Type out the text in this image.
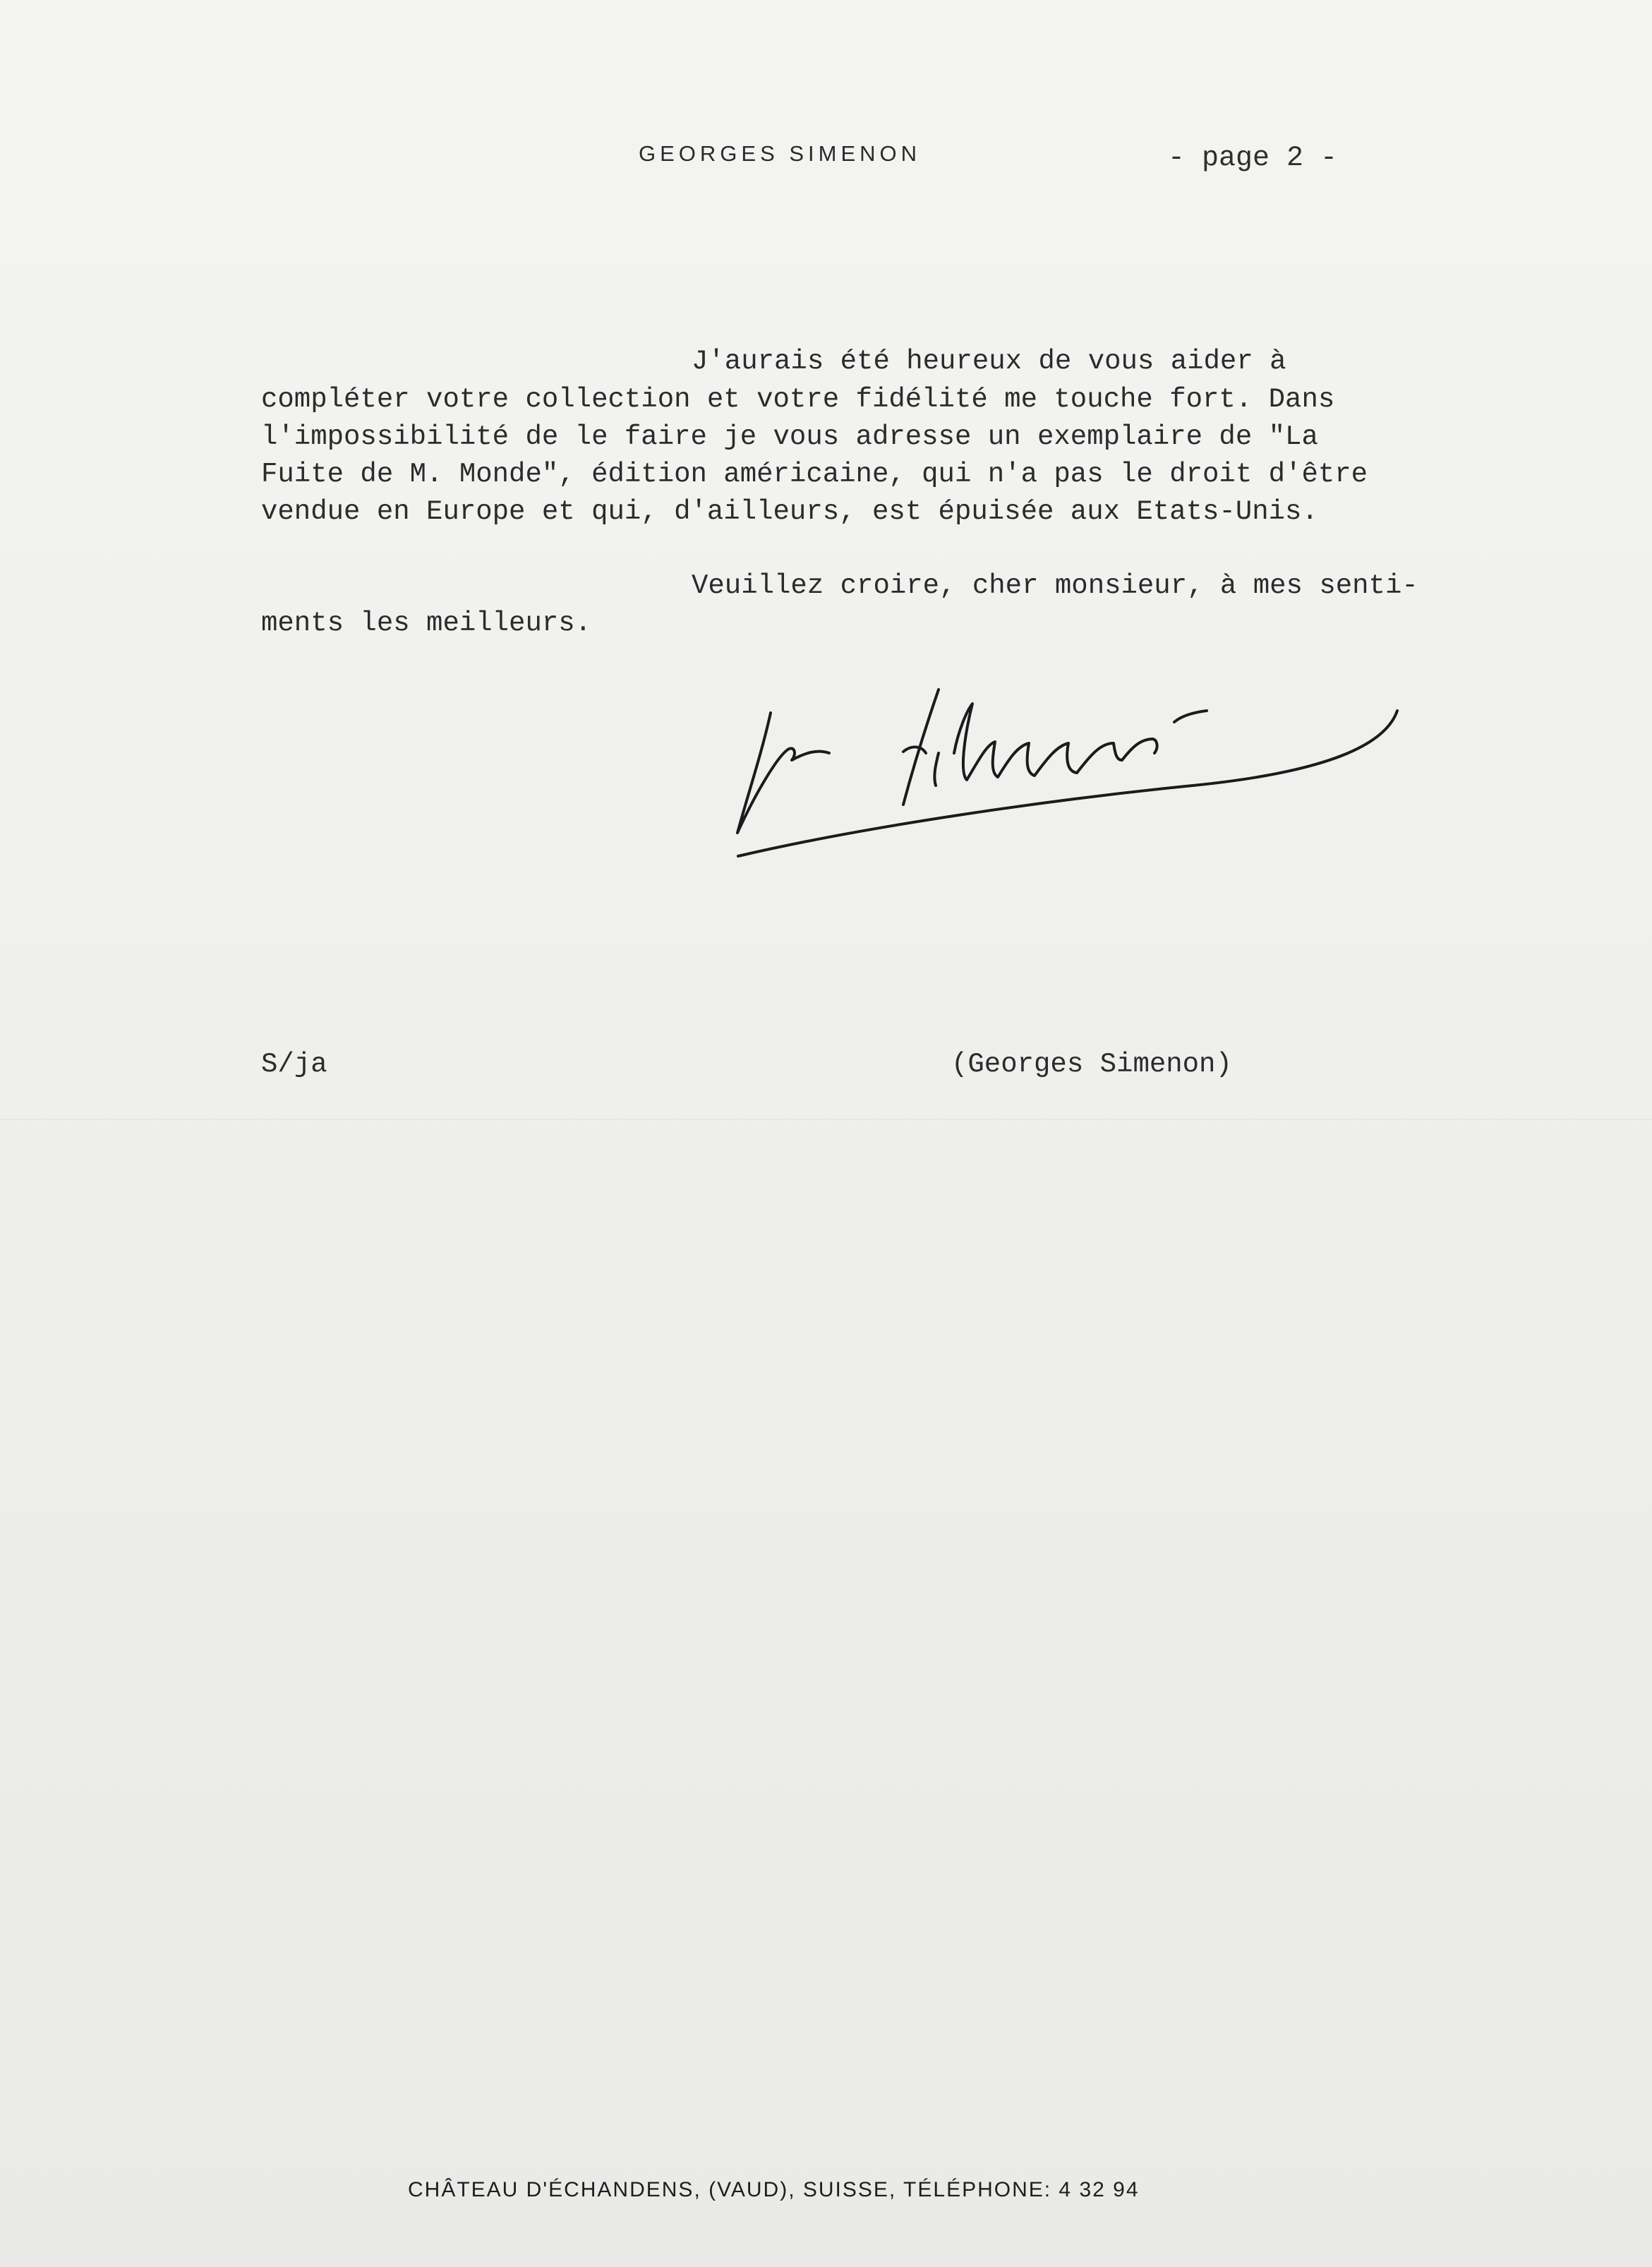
GEORGES SIMENON	- page 2 -
J'aurais été heureux de vous aider à
compléter votre collection et votre fidélité me touche fort. Dans
l'impossibilité de le faire je vous adresse un exemplaire de "La
Fuite de M. Monde", édition américaine, qui n'a pas le droit d'être
vendue en Europe et qui, d'ailleurs, est épuisée aux Etats-Unis.
Veuillez croire, cher monsieur, à mes senti-
ments les meilleurs.
G. Simenon
S/ja	(Georges Simenon)
CHÂTEAU D'ÉCHANDENS, (VAUD), SUISSE, TÉLÉPHONE: 4 32 94
